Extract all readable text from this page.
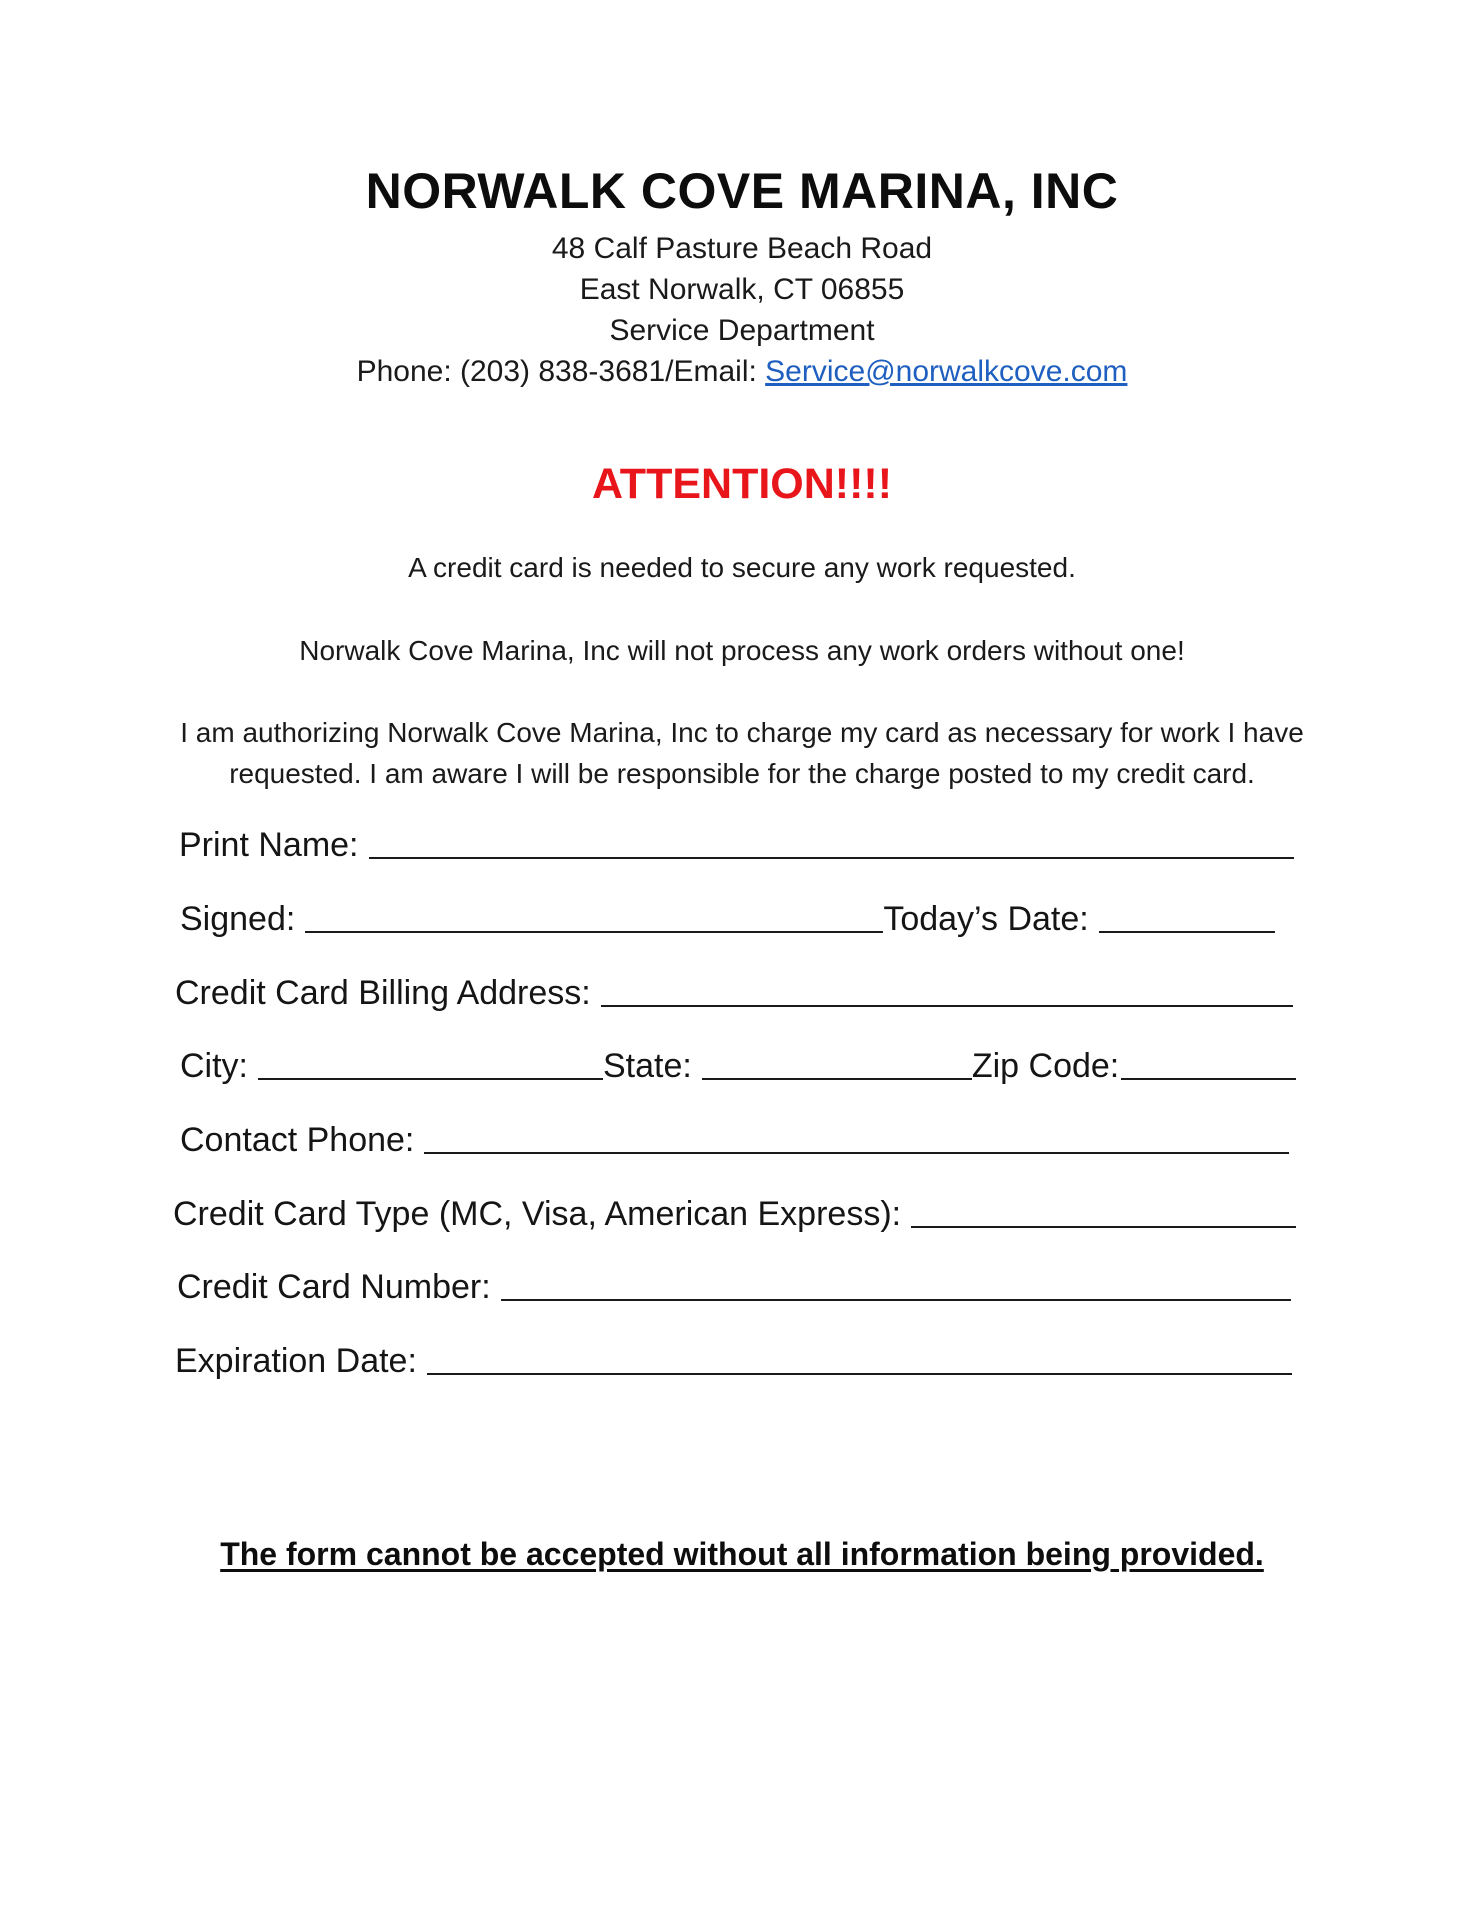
NORWALK COVE MARINA, INC
48 Calf Pasture Beach Road
East Norwalk, CT 06855
Service Department
Phone: (203) 838-3681/Email: Service@norwalkcove.com
ATTENTION!!!!
A credit card is needed to secure any work requested.
Norwalk Cove Marina, Inc will not process any work orders without one!
I am authorizing Norwalk Cove Marina, Inc to charge my card as necessary for work I have
requested. I am aware I will be responsible for the charge posted to my credit card.
Print Name:
Signed:	Today’s Date:
Credit Card Billing Address:
City:	State:	Zip Code:
Contact Phone:
Credit Card Type (MC, Visa, American Express):
Credit Card Number:
Expiration Date:
The form cannot be accepted without all information being provided.
